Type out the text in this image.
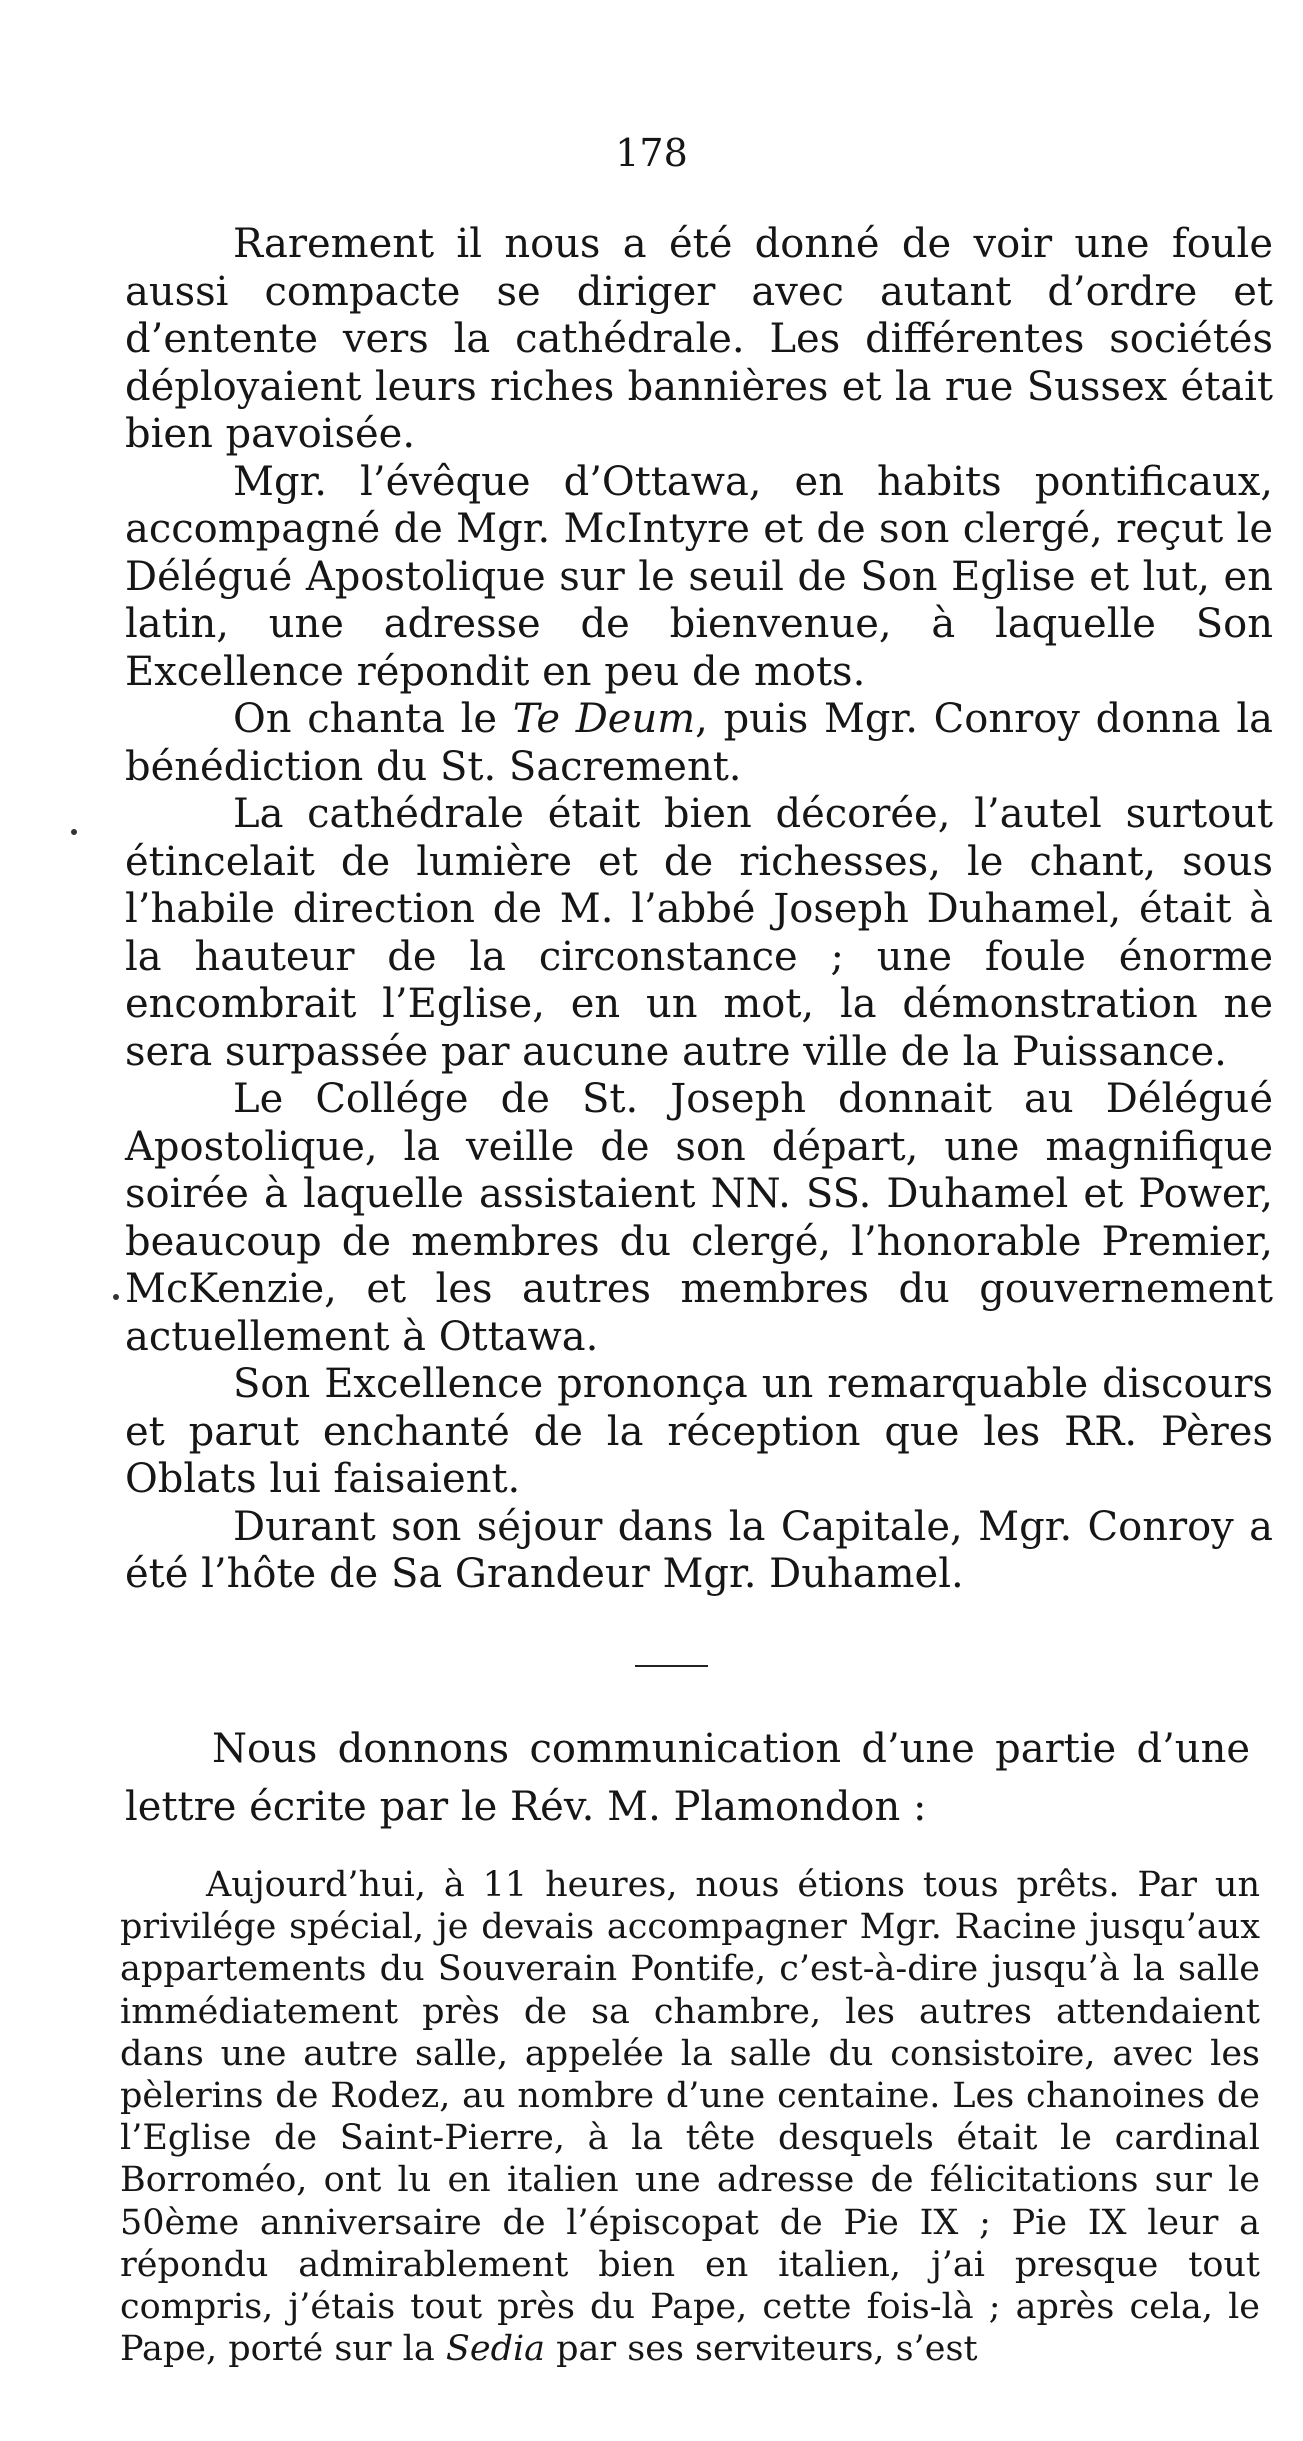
178

Rarement il nous a été donné de voir une foule aussi compacte se diriger avec autant d’ordre et d’entente vers la cathédrale. Les différentes sociétés déployaient leurs riches bannières et la rue Sussex était bien pavoisée.

Mgr. l’évêque d’Ottawa, en habits pontificaux, accompagné de Mgr. McIntyre et de son clergé, reçut le Délégué Apostolique sur le seuil de Son Eglise et lut, en latin, une adresse de bienvenue, à laquelle Son Excellence répondit en peu de mots.

On chanta le Te Deum, puis Mgr. Conroy donna la bénédiction du St. Sacrement.

La cathédrale était bien décorée, l’autel surtout étincelait de lumière et de richesses, le chant, sous l’habile direction de M. l’abbé Joseph Duhamel, était à la hauteur de la circonstance ; une foule énorme encombrait l’Eglise, en un mot, la démonstration ne sera surpassée par aucune autre ville de la Puissance.

Le Collége de St. Joseph donnait au Délégué Apostolique, la veille de son départ, une magnifique soirée à laquelle assistaient NN. SS. Duhamel et Power, beaucoup de membres du clergé, l’honorable Premier, McKenzie, et les autres membres du gouvernement actuellement à Ottawa.

Son Excellence prononça un remarquable discours et parut enchanté de la réception que les RR. Pères Oblats lui faisaient.

Durant son séjour dans la Capitale, Mgr. Conroy a été l’hôte de Sa Grandeur Mgr. Duhamel.

Nous donnons communication d’une partie d’une lettre écrite par le Rév. M. Plamondon :

Aujourd’hui, à 11 heures, nous étions tous prêts. Par un privilége spécial, je devais accompagner Mgr. Racine jusqu’aux appartements du Souverain Pontife, c’est-à-dire jusqu’à la salle immédiatement près de sa chambre, les autres attendaient dans une autre salle, appelée la salle du consistoire, avec les pèlerins de Rodez, au nombre d’une centaine. Les chanoines de l’Eglise de Saint-Pierre, à la tête desquels était le cardinal Borroméo, ont lu en italien une adresse de félicitations sur le 50ème anniversaire de l’épiscopat de Pie IX ; Pie IX leur a répondu admirablement bien en italien, j’ai presque tout compris, j’étais tout près du Pape, cette fois-là ; après cela, le Pape, porté sur la Sedia par ses serviteurs, s’est
